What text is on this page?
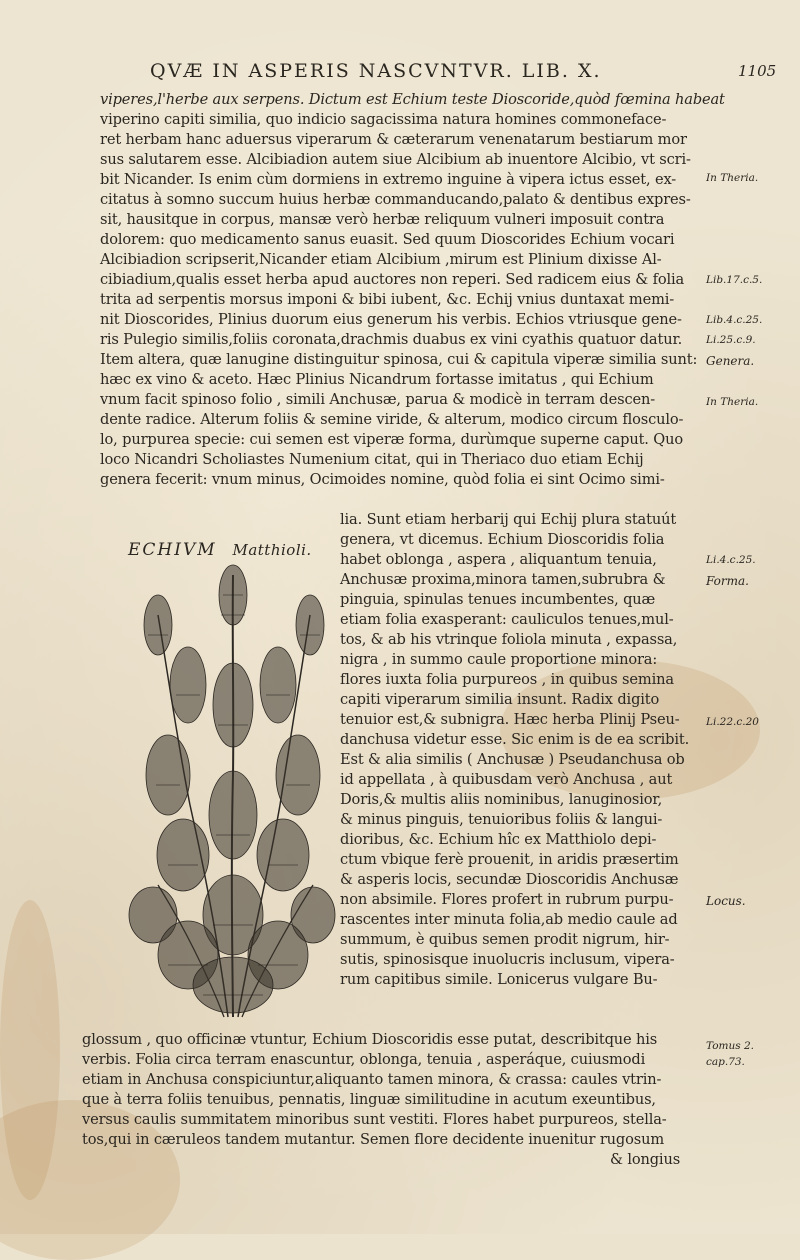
QVÆ IN ASPERIS NASCVNTVR. LIB. X.	1105
viperes,l'herbe aux serpens. Dictum est Echium teste Dioscoride,quòd fœmina habeat
viperino capiti similia, quo indicio sagacissima natura homines commoneface-
ret herbam hanc aduersus viperarum & cæterarum venenatarum bestiarum mor
sus salutarem esse. Alcibiadion autem siue Alcibium ab inuentore Alcibio, vt scri-
bit Nicander. Is enim cùm dormiens in extremo inguine à vipera ictus esset, ex-
citatus à somno succum huius herbæ commanducando,palato & dentibus expres-
sit, hausitque in corpus, mansæ verò herbæ reliquum vulneri imposuit contra
dolorem: quo medicamento sanus euasit. Sed quum Dioscorides Echium vocari
Alcibiadion scripserit,Nicander etiam Alcibium ,mirum est Plinium dixisse Al-
cibiadium,qualis esset herba apud auctores non reperi. Sed radicem eius & folia
trita ad serpentis morsus imponi & bibi iubent, &c. Echij vnius duntaxat memi-
nit Dioscorides, Plinius duorum eius generum his verbis. Echios vtriusque gene-
ris Pulegio similis,foliis coronata,drachmis duabus ex vini cyathis quatuor datur.
Item altera, quæ lanugine distinguitur spinosa, cui & capitula viperæ similia sunt:
hæc ex vino & aceto. Hæc Plinius Nicandrum fortasse imitatus , qui Echium
vnum facit spinoso folio , simili Anchusæ, parua & modicè in terram descen-
dente radice. Alterum foliis & semine viride, & alterum, modico circum flosculo-
lo, purpurea specie: cui semen est viperæ forma, durùmque superne caput. Quo
loco Nicandri Scholiastes Numenium citat, qui in Theriaco duo etiam Echij
genera fecerit: vnum minus, Ocimoides nomine, quòd folia ei sint Ocimo simi-
ECHIVM Matthioli.
lia. Sunt etiam herbarij qui Echij plura statuút
genera, vt dicemus. Echium Dioscoridis folia
habet oblonga , aspera , aliquantum tenuia,
Anchusæ proxima,minora tamen,subrubra &
pinguia, spinulas tenues incumbentes, quæ
etiam folia exasperant: cauliculos tenues,mul-
tos, & ab his vtrinque foliola minuta , expassa,
nigra , in summo caule proportione minora:
flores iuxta folia purpureos , in quibus semina
capiti viperarum similia insunt. Radix digito
tenuior est,& subnigra. Hæc herba Plinij Pseu-
danchusa videtur esse. Sic enim is de ea scribit.
Est & alia similis ( Anchusæ ) Pseudanchusa ob
id appellata , à quibusdam verò Anchusa , aut
Doris,& multis aliis nominibus, lanuginosior,
& minus pinguis, tenuioribus foliis & langui-
dioribus, &c. Echium hîc ex Matthiolo depi-
ctum vbique ferè prouenit, in aridis præsertim
& asperis locis, secundæ Dioscoridis Anchusæ
non absimile. Flores profert in rubrum purpu-
rascentes inter minuta folia,ab medio caule ad
summum, è quibus semen prodit nigrum, hir-
sutis, spinosisque inuolucris inclusum, vipera-
rum capitibus simile. Lonicerus vulgare Bu-
glossum , quo officinæ vtuntur, Echium Dioscoridis esse putat, describitque his
verbis. Folia circa terram enascuntur, oblonga, tenuia , asperáque, cuiusmodi
etiam in Anchusa conspiciuntur,aliquanto tamen minora, & crassa: caules vtrin-
que à terra foliis tenuibus, pennatis, linguæ similitudine in acutum exeuntibus,
versus caulis summitatem minoribus sunt vestiti. Flores habet purpureos, stella-
tos,qui in cæruleos tandem mutantur. Semen flore decidente inuenitur rugosum
& longius
In Theria.
Lib.17.c.5.
Lib.4.c.25.
Li.25.c.9.
Genera.
In Theria.
Li.4.c.25.
Forma.
Li.22.c.20
Locus.
Tomus 2.
cap.73.
